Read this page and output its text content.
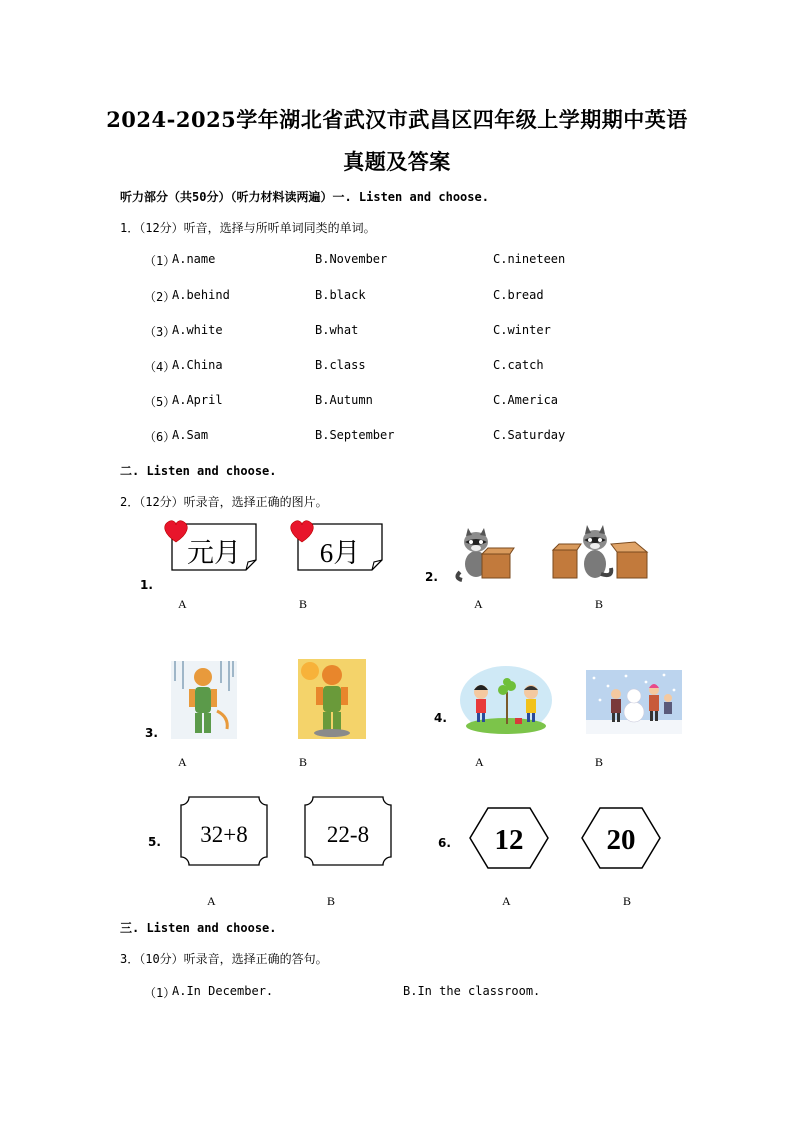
2024-2025学年湖北省武汉市武昌区四年级上学期期中英语
真题及答案
听力部分（共50分）（听力材料读两遍）一. Listen and choose.
1．（12分）听音，选择与所听单词同类的单词。
（1）
A.name	B.November	C.nineteen
（2）
A.behind	B.black	C.bread
（3）
A.white	B.what	C.winter
（4）
A.China	B.class	C.catch
（5）
A.April	B.Autumn	C.America
（6）
A.Sam	B.September	C.Saturday
二. Listen and choose.
2．（12分）听录音，选择正确的图片。
1.
元月	6月
A	B
2.
A	B
3.
A	B
4.
A	B
5. 32+8	22-8
A	B
6. 12	20
A	B
三. Listen and choose.
3．（10分）听录音，选择正确的答句。
（1）
A.In December.	B.In the classroom.
